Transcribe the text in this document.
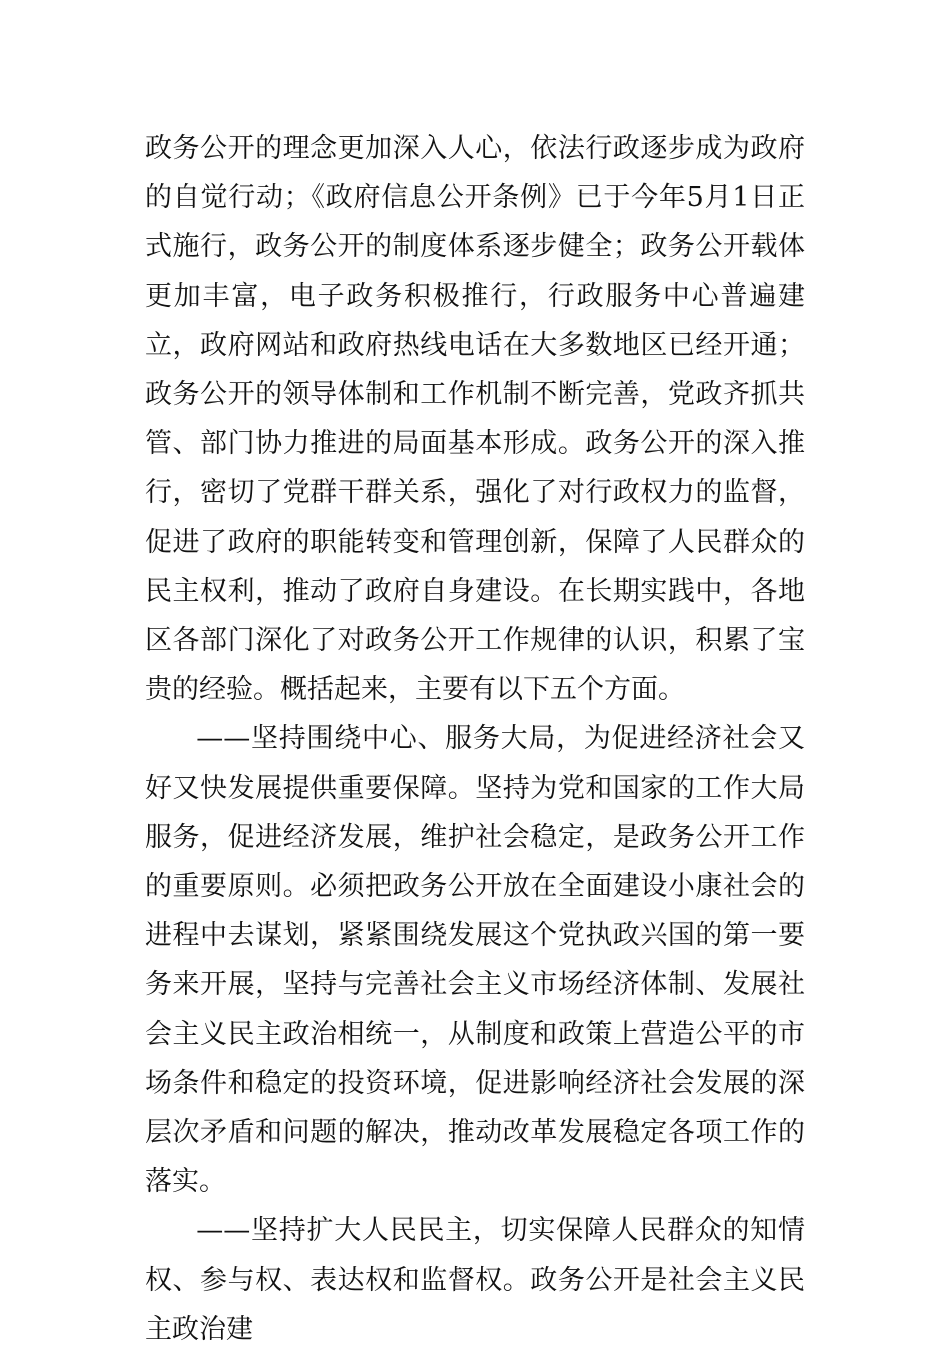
政务公开的理念更加深入人心，依法行政逐步成为政府的自觉行动；《政府信息公开条例》已于今年5月1日正式施行，政务公开的制度体系逐步健全；政务公开载体更加丰富，电子政务积极推行，行政服务中心普遍建立，政府网站和政府热线电话在大多数地区已经开通；政务公开的领导体制和工作机制不断完善，党政齐抓共管、部门协力推进的局面基本形成。政务公开的深入推行，密切了党群干群关系，强化了对行政权力的监督，促进了政府的职能转变和管理创新，保障了人民群众的民主权利，推动了政府自身建设。在长期实践中，各地区各部门深化了对政务公开工作规律的认识，积累了宝贵的经验。概括起来，主要有以下五个方面。

——坚持围绕中心、服务大局，为促进经济社会又好又快发展提供重要保障。坚持为党和国家的工作大局服务，促进经济发展，维护社会稳定，是政务公开工作的重要原则。必须把政务公开放在全面建设小康社会的进程中去谋划，紧紧围绕发展这个党执政兴国的第一要务来开展，坚持与完善社会主义市场经济体制、发展社会主义民主政治相统一，从制度和政策上营造公平的市场条件和稳定的投资环境，促进影响经济社会发展的深层次矛盾和问题的解决，推动改革发展稳定各项工作的落实。

——坚持扩大人民民主，切实保障人民群众的知情权、参与权、表达权和监督权。政务公开是社会主义民主政治建
